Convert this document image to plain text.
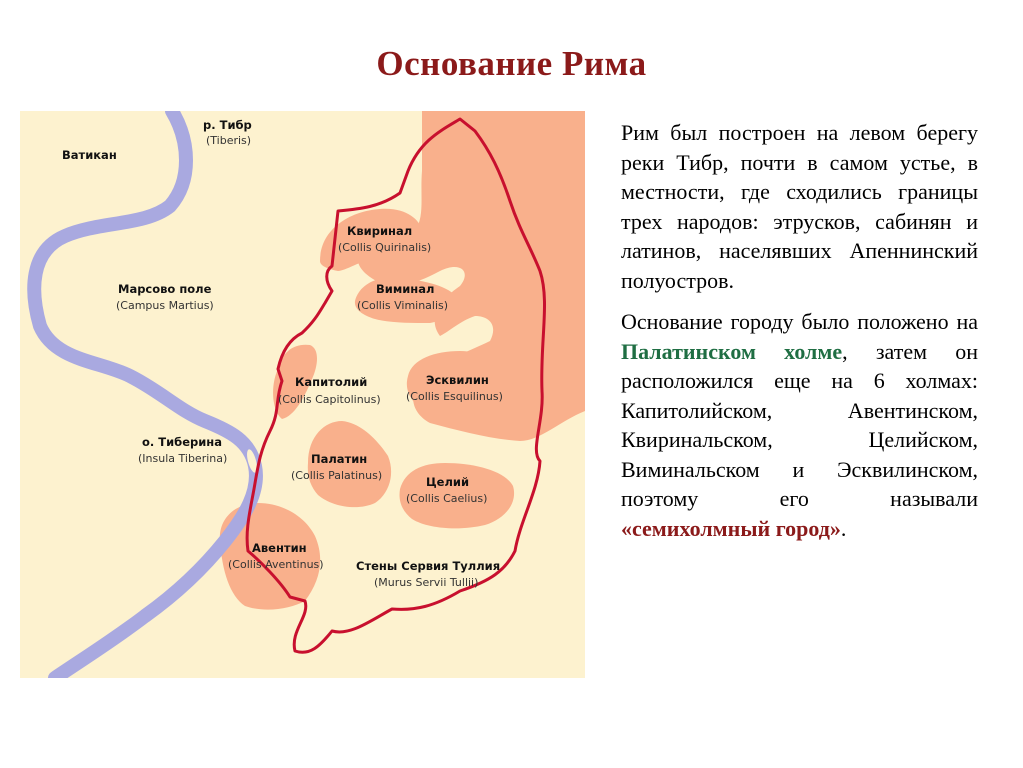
Основание Рима
Ватикан
р. Тибр
(Tiberis)
Марсово поле
(Campus Martius)
Квиринал
(Collis Quirinalis)
Виминал
(Collis Viminalis)
Капитолий
(Collis Capitolinus)
Эсквилин
(Collis Esquilinus)
о. Тиберина
(Insula Tiberina)	Палатин
(Collis Palatinus)	Целий
(Collis Caelius)
Авентин
(Collis Aventinus)	Стены Сервия Туллия
(Murus Servii Tullii)

Рим был построен на левом берегу реки Тибр, почти в самом устье, в местности, где сходились границы трех народов: этрусков, сабинян и латинов, населявших Апеннинский полуостров.

Основание городу было положено на Палатинском холме, затем он расположился еще на 6 холмах: Капитолийском, Авентинском, Квиринальском, Целийском, Виминальском и Эсквилинском, поэтому его называли «семихолмный город».
